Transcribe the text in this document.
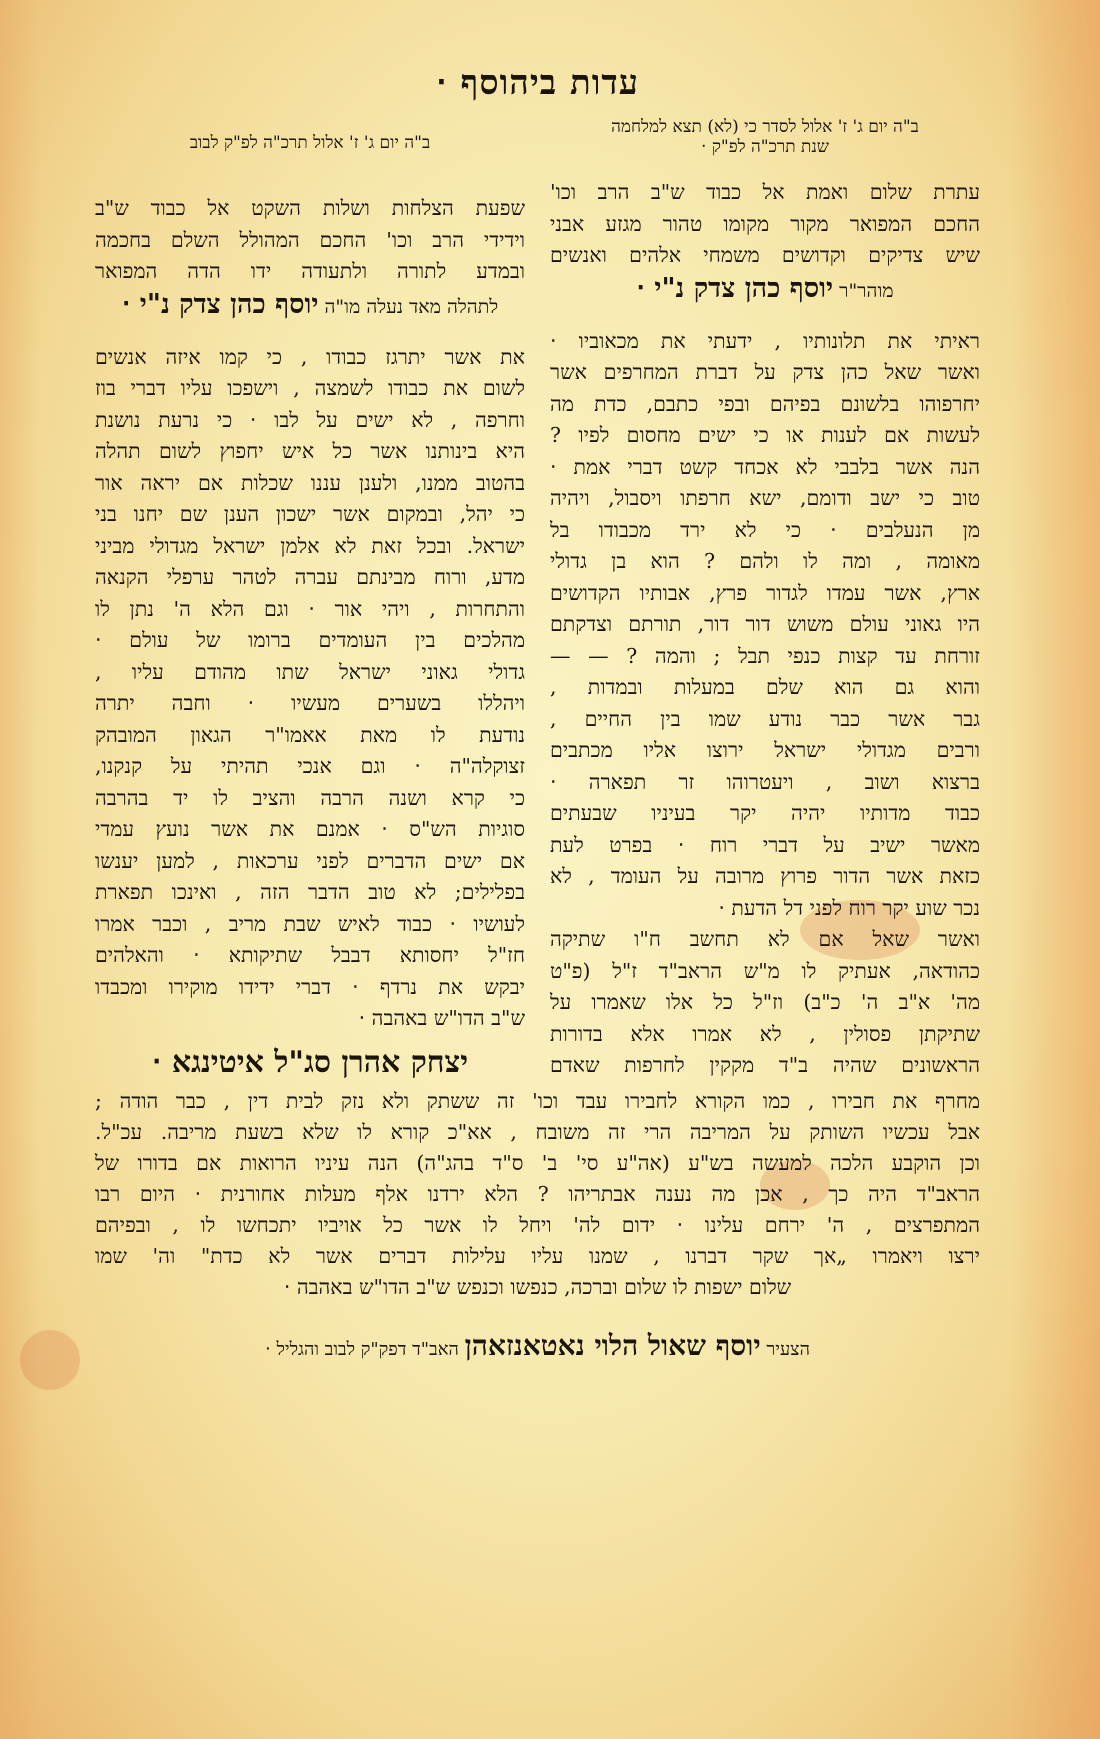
עדות ביהוסף ‧
ב"ה יום ג' ז' אלול לסדר כי (לא) תצא למלחמה
שנת תרכ"ה לפ"ק ‧
עתרת שלום ואמת אל כבוד ש"ב הרב וכו'
החכם המפואר מקור מקומו טהור מגזע אבני
שיש צדיקים וקדושים משמחי אלהים ואנשים
מוהר"ר יוסף כהן צדק נ"י ‧
ראיתי את תלונותיו , ידעתי את מכאוביו ‧
ואשר שאל כהן צדק על דברת המחרפים אשר
יחרפוהו בלשונם בפיהם ובפי כתבם, כדת מה
לעשות אם לענות או כי ישים מחסום לפיו ?
הנה אשר בלבבי לא אכחד קשט דברי אמת ‧
טוב כי ישב ודומם, ישא חרפתו ויסבול, ויהיה
מן הנעלבים ‧ כי לא ירד מכבודו בל
מאומה , ומה לו ולהם ? הוא בן גדולי
ארץ, אשר עמדו לגדור פרץ, אבותיו הקדושים
היו גאוני עולם משוש דור דור, תורתם וצדקתם
זורחת עד קצות כנפי תבל ; והמה ? — —
והוא גם הוא שלם במעלות ובמדות ,
גבר אשר כבר נודע שמו בין החיים ,
ורבים מגדולי ישראל ירוצו אליו מכתבים
ברצוא ושוב , ויעטרוהו זר תפארה ‧
כבוד מדותיו יהיה יקר בעיניו שבעתים
מאשר ישיב על דברי רוח ‧ בפרט לעת
כזאת אשר הדור פרוץ מרובה על העומד , לא
נכר שוע יקר רוח לפני דל הדעת ‧
ואשר שאל אם לא תחשב ח"ו שתיקה
כהודאה, אעתיק לו מ"ש הראב"ד ז"ל (פ"ט
מה' א"ב ה' כ"ב) וז"ל כל אלו שאמרו על
שתיקתן פסולין , לא אמרו אלא בדורות
הראשונים שהיה ב"ד מקקין לחרפות שאדם
ב"ה יום ג' ז' אלול תרכ"ה לפ"ק לבוב
שפעת הצלחות ושלות השקט אל כבוד ש"ב
וידידי הרב וכו' החכם המהולל השלם בחכמה
ובמדע לתורה ולתעודה ידו הדה המפואר
לתהלה מאד נעלה מו"ה יוסף כהן צדק נ"י ‧
את אשר יתרגז כבודו , כי קמו איזה אנשים
לשום את כבודו לשמצה , וישפכו עליו דברי בוז
וחרפה , לא ישים על לבו ‧ כי נרעת נושנת
היא בינותנו אשר כל איש יחפוץ לשום תהלה
בהטוב ממנו, ולענן עננו שכלות אם יראה אור
כי יהל, ובמקום אשר ישכון הענן שם יחנו בני
ישראל. ובכל זאת לא אלמן ישראל מגדולי מביני
מדע, ורוח מבינתם עברה לטהר ערפלי הקנאה
והתחרות , ויהי אור ‧ וגם הלא ה' נתן לו
מהלכים בין העומדים ברומו של עולם ‧
גדולי גאוני ישראל שתו מהודם עליו ,
ויהללו בשערים מעשיו ‧ וחבה יתרה
נודעת לו מאת אאמו"ר הגאון המובהק
זצוקלה"ה ‧ וגם אנכי תהיתי על קנקנו,
כי קרא ושנה הרבה והציב לו יד בהרבה
סוגיות הש"ס ‧ אמנם את אשר נועץ עמדי
אם ישים הדברים לפני ערכאות , למען יענשו
בפלילים; לא טוב הדבר הזה , ואינכו תפארת
לעושיו ‧ כבוד לאיש שבת מריב , וכבר אמרו
חז"ל יחסותא דבבל שתיקותא ‧ והאלהים
יבקש את נרדף ‧ דברי ידידו מוקירו ומכבדו
ש"ב הדו"ש באהבה ‧
יצחק אהרן סג"ל איטינגא ‧
מחרף את חבירו , כמו הקורא לחבירו עבד וכו' זה ששתק ולא נזק לבית דין , כבר הודה ;
אבל עכשיו השותק על המריבה הרי זה משובח , אא"כ קורא לו שלא בשעת מריבה. עכ"ל.
וכן הוקבע הלכה למעשה בש"ע (אה"ע סי' ב' ס"ד בהג"ה) הנה עיניו הרואות אם בדורו של
הראב"ד היה כך , אכן מה נענה אבתריהו ? הלא ירדנו אלף מעלות אחורנית ‧ היום רבו
המתפרצים , ה' ירחם עלינו ‧ ידום לה' ויחל לו אשר כל אויביו יתכחשו לו , ובפיהם
ירצו ויאמרו „אך שקר דברנו , שמנו עליו עלילות דברים אשר לא כדת" וה' שמו
שלום ישפות לו שלום וברכה, כנפשו וכנפש ש"ב הדו"ש באהבה ‧
הצעיר יוסף שאול הלוי נאטאנזאהן האב"ד דפק"ק לבוב והגליל ‧
